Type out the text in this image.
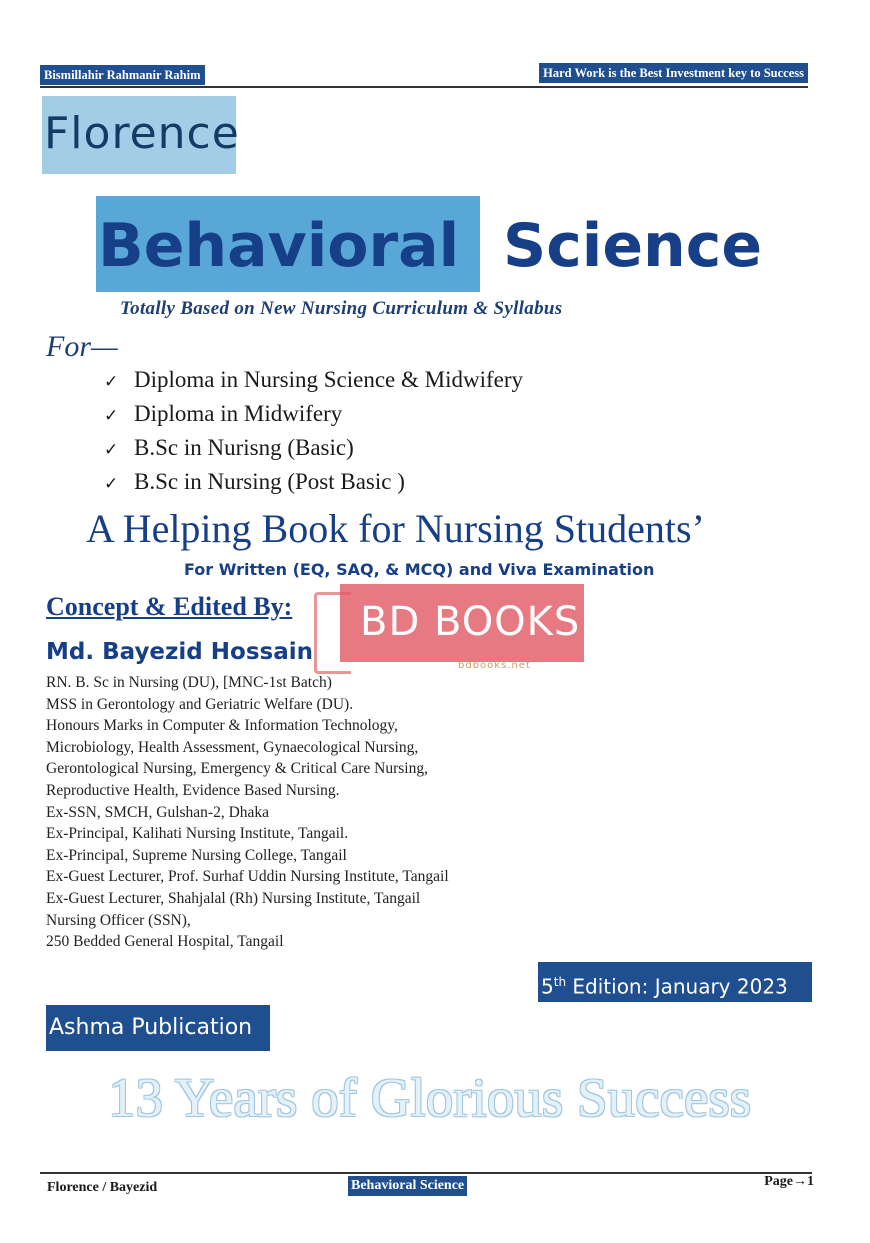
Bismillahir Rahmanir Rahim	Hard Work is the Best Investment key to Success
Florence
Behavioral Science
Totally Based on New Nursing Curriculum & Syllabus
For—
✓ Diploma in Nursing Science & Midwifery
✓ Diploma in Midwifery
✓ B.Sc in Nurisng (Basic)
✓ B.Sc in Nursing (Post Basic )
A Helping Book for Nursing Students’
For Written (EQ, SAQ, & MCQ) and Viva Examination
BD BOOKS
bdbooks.net
Concept & Edited By:
Md. Bayezid Hossain
RN. B. Sc in Nursing (DU), [MNC-1st Batch)
MSS in Gerontology and Geriatric Welfare (DU).
Honours Marks in Computer & Information Technology,
Microbiology, Health Assessment, Gynaecological Nursing,
Gerontological Nursing, Emergency & Critical Care Nursing,
Reproductive Health, Evidence Based Nursing.
Ex-SSN, SMCH, Gulshan-2, Dhaka
Ex-Principal, Kalihati Nursing Institute, Tangail.
Ex-Principal, Supreme Nursing College, Tangail
Ex-Guest Lecturer, Prof. Surhaf Uddin Nursing Institute, Tangail
Ex-Guest Lecturer, Shahjalal (Rh) Nursing Institute, Tangail
Nursing Officer (SSN),
250 Bedded General Hospital, Tangail
5th Edition: January 2023
Ashma Publication
13 Years of Glorious Success
Florence / Bayezid	Behavioral Science	Page→1
